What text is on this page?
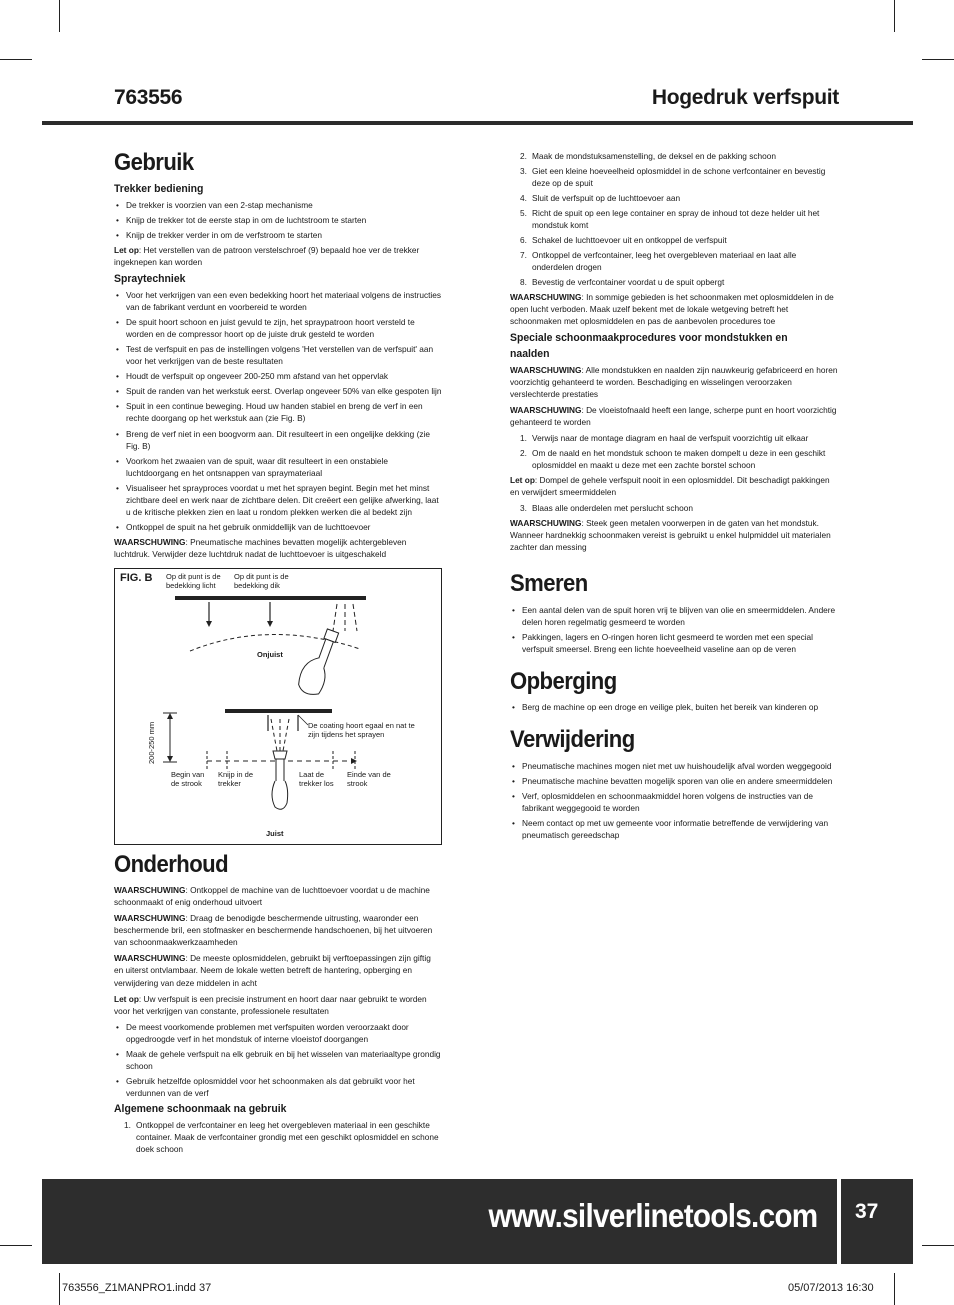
763556	Hogedruk verfspuit
Gebruik
Trekker bediening
• De trekker is voorzien van een 2-stap mechanisme
• Knijp de trekker tot de eerste stap in om de luchtstroom te starten
• Knijp de trekker verder in om de verfstroom te starten

Let op: Het verstellen van de patroon verstelschroef (9) bepaald hoe ver de trekker ingeknepen kan worden

Spraytechniek
• Voor het verkrijgen van een even bedekking hoort het materiaal volgens de instructies van de fabrikant verdunt en voorbereid te worden
• De spuit hoort schoon en juist gevuld te zijn, het spraypatroon hoort versteld te worden en de compressor hoort op de juiste druk gesteld te worden
• Test de verfspuit en pas de instellingen volgens 'Het verstellen van de verfspuit' aan voor het verkrijgen van de beste resultaten
• Houdt de verfspuit op ongeveer 200-250 mm afstand van het oppervlak
• Spuit de randen van het werkstuk eerst. Overlap ongeveer 50% van elke gespoten lijn
• Spuit in een continue beweging. Houd uw handen stabiel en breng de verf in een rechte doorgang op het werkstuk aan (zie Fig. B)
• Breng de verf niet in een boogvorm aan. Dit resulteert in een ongelijke dekking (zie Fig. B)
• Voorkom het zwaaien van de spuit, waar dit resulteert in een onstabiele luchtdoorgang en het ontsnappen van spraymateriaal
• Visualiseer het sprayproces voordat u met het sprayen begint. Begin met het minst zichtbare deel en werk naar de zichtbare delen. Dit creëert een gelijke afwerking, laat u de kritische plekken zien en laat u rondom plekken werken die al bedekt zijn
• Ontkoppel de spuit na het gebruik onmiddellijk van de luchttoevoer

WAARSCHUWING: Pneumatische machines bevatten mogelijk achtergebleven luchtdruk. Verwijder deze luchtdruk nadat de luchttoevoer is uitgeschakeld

FIG. B Op dit punt is de bedekking licht
Op dit punt is de bedekking dik
Onjuist
200-250 mm	De coating hoort egaal en nat te zijn tijdens het sprayen
Begin van de strook
Knijp in de trekker
Laat de trekker los
Einde van de strook
Juist
Onderhoud

WAARSCHUWING: Ontkoppel de machine van de luchttoevoer voordat u de machine schoonmaakt of enig onderhoud uitvoert

WAARSCHUWING: Draag de benodigde beschermende uitrusting, waaronder een beschermende bril, een stofmasker en beschermende handschoenen, bij het uitvoeren van schoonmaakwerkzaamheden

WAARSCHUWING: De meeste oplosmiddelen, gebruikt bij verftoepassingen zijn giftig en uiterst ontvlambaar. Neem de lokale wetten betreft de hantering, opberging en verwijdering van deze middelen in acht

Let op: Uw verfspuit is een precisie instrument en hoort daar naar gebruikt te worden voor het verkrijgen van constante, professionele resultaten

• De meest voorkomende problemen met verfspuiten worden veroorzaakt door opgedroogde verf in het mondstuk of interne vloeistof doorgangen
• Maak de gehele verfspuit na elk gebruik en bij het wisselen van materiaaltype grondig schoon
• Gebruik hetzelfde oplosmiddel voor het schoonmaken als dat gebruikt voor het verdunnen van de verf
Algemene schoonmaak na gebruik
1. Ontkoppel de verfcontainer en leeg het overgebleven materiaal in een geschikte container. Maak de verfcontainer grondig met een geschikt oplosmiddel en schone doek schoon
2. Maak de mondstuksamenstelling, de deksel en de pakking schoon
3. Giet een kleine hoeveelheid oplosmiddel in de schone verfcontainer en bevestig deze op de spuit
4. Sluit de verfspuit op de luchttoevoer aan
5. Richt de spuit op een lege container en spray de inhoud tot deze helder uit het mondstuk komt
6. Schakel de luchttoevoer uit en ontkoppel de verfspuit
7. Ontkoppel de verfcontainer, leeg het overgebleven materiaal en laat alle onderdelen drogen
8. Bevestig de verfcontainer voordat u de spuit opbergt

WAARSCHUWING: In sommige gebieden is het schoonmaken met oplosmiddelen in de open lucht verboden. Maak uzelf bekent met de lokale wetgeving betreft het schoonmaken met oplosmiddelen en pas de aanbevolen procedures toe

Speciale schoonmaakprocedures voor mondstukken en naalden

WAARSCHUWING: Alle mondstukken en naalden zijn nauwkeurig gefabriceerd en horen voorzichtig gehanteerd te worden. Beschadiging en wisselingen veroorzaken verslechterde prestaties

WAARSCHUWING: De vloeistofnaald heeft een lange, scherpe punt en hoort voorzichtig gehanteerd te worden

1. Verwijs naar de montage diagram en haal de verfspuit voorzichtig uit elkaar
2. Om de naald en het mondstuk schoon te maken dompelt u deze in een geschikt oplosmiddel en maakt u deze met een zachte borstel schoon

Let op: Dompel de gehele verfspuit nooit in een oplosmiddel. Dit beschadigt pakkingen en verwijdert smeermiddelen

3. Blaas alle onderdelen met perslucht schoon

WAARSCHUWING: Steek geen metalen voorwerpen in de gaten van het mondstuk. Wanneer hardnekkig schoonmaken vereist is gebruikt u enkel hulpmiddel uit materialen zachter dan messing

Smeren
• Een aantal delen van de spuit horen vrij te blijven van olie en smeermiddelen. Andere delen horen regelmatig gesmeerd te worden
• Pakkingen, lagers en O-ringen horen licht gesmeerd te worden met een special verfspuit smeersel. Breng een lichte hoeveelheid vaseline aan op de veren
Opberging
• Berg de machine op een droge en veilige plek, buiten het bereik van kinderen op
Verwijdering
• Pneumatische machines mogen niet met uw huishoudelijk afval worden weggegooid
• Pneumatische machine bevatten mogelijk sporen van olie en andere smeermiddelen
• Verf, oplosmiddelen en schoonmaakmiddel horen volgens de instructies van de fabrikant weggegooid te worden
• Neem contact op met uw gemeente voor informatie betreffende de verwijdering van pneumatisch gereedschap
www.silverlinetools.com	37
763556_Z1MANPRO1.indd 37	05/07/2013 16:30
